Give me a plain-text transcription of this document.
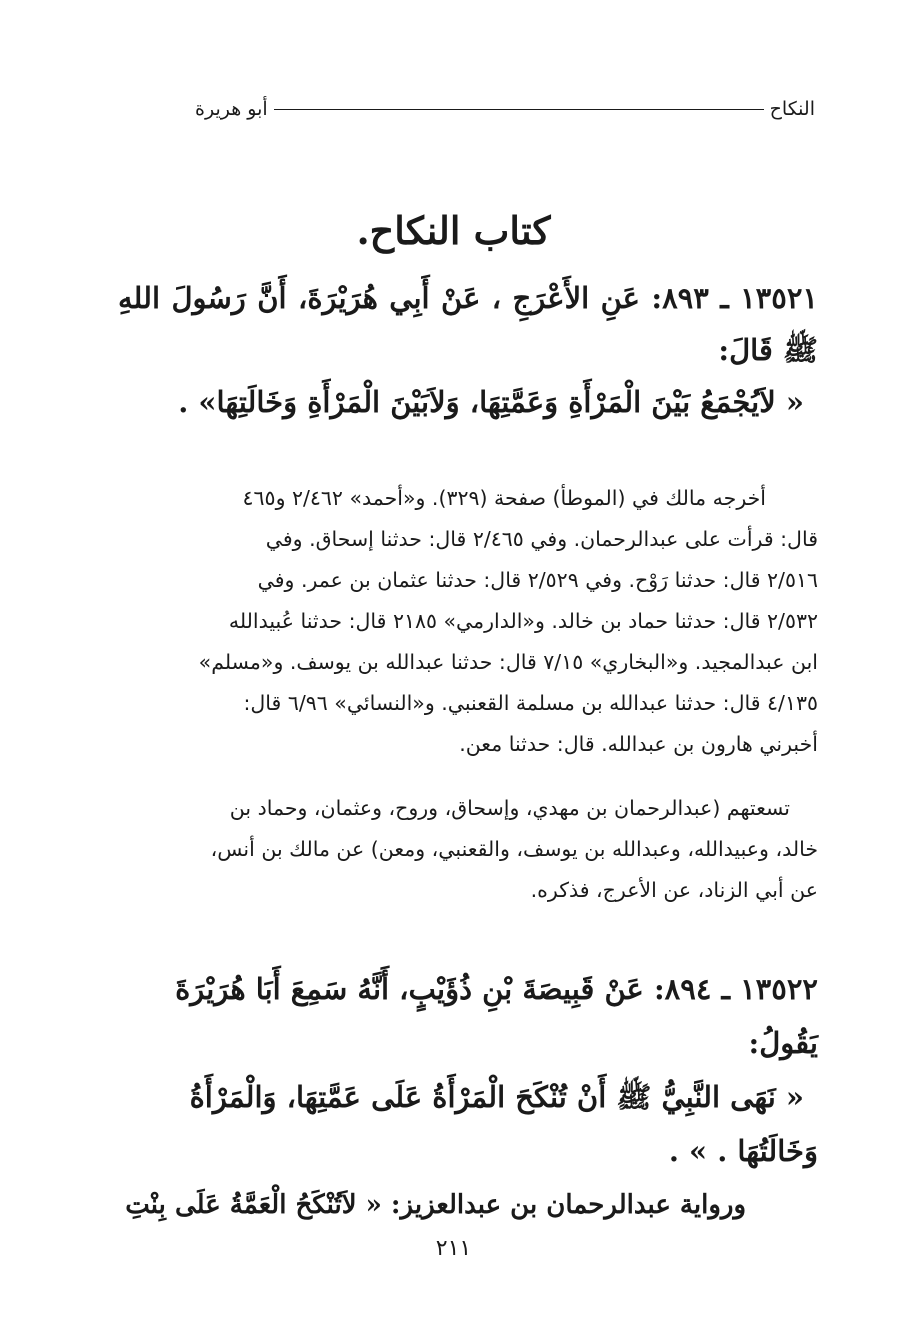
النكاح
أبو هريرة
كتاب النكاح.
١٣٥٢١ ـ ٨٩٣: عَنِ الأَعْرَجِ ، عَنْ أَبِي هُرَيْرَةَ، أَنَّ رَسُولَ اللهِ
ﷺ قَالَ:
« لاَيُجْمَعُ بَيْنَ الْمَرْأَةِ وَعَمَّتِهَا، وَلاَبَيْنَ الْمَرْأَةِ وَخَالَتِهَا» .
أخرجه مالك في (الموطأ) صفحة (٣٢٩). و«أحمد» ٢/٤٦٢ و٤٦٥
قال: قرأت على عبدالرحمان. وفي ٢/٤٦٥ قال: حدثنا إسحاق. وفي
٢/٥١٦ قال: حدثنا رَوْح. وفي ٢/٥٢٩ قال: حدثنا عثمان بن عمر. وفي
٢/٥٣٢ قال: حدثنا حماد بن خالد. و«الدارمي» ٢١٨٥ قال: حدثنا عُبيدالله
ابن عبدالمجيد. و«البخاري» ٧/١٥ قال: حدثنا عبدالله بن يوسف. و«مسلم»
٤/١٣٥ قال: حدثنا عبدالله بن مسلمة القعنبي. و«النسائي» ٦/٩٦ قال:
أخبرني هارون بن عبدالله. قال: حدثنا معن.
تسعتهم (عبدالرحمان بن مهدي، وإسحاق، وروح، وعثمان، وحماد بن
خالد، وعبيدالله، وعبدالله بن يوسف، والقعنبي، ومعن) عن مالك بن أنس،
عن أبي الزناد، عن الأعرج، فذكره.
١٣٥٢٢ ـ ٨٩٤: عَنْ قَبِيصَةَ بْنِ ذُؤَيْبٍ، أَنَّهُ سَمِعَ أَبَا هُرَيْرَةَ
يَقُولُ:
« نَهَى النَّبِيُّ ﷺ أَنْ تُنْكَحَ الْمَرْأَةُ عَلَى عَمَّتِهَا، وَالْمَرْأَةُ
وَخَالَتُهَا . » .
ورواية عبدالرحمان بن عبدالعزيز: « لاَتُنْكَحُ الْعَمَّةُ عَلَى بِنْتِ
٢١١
